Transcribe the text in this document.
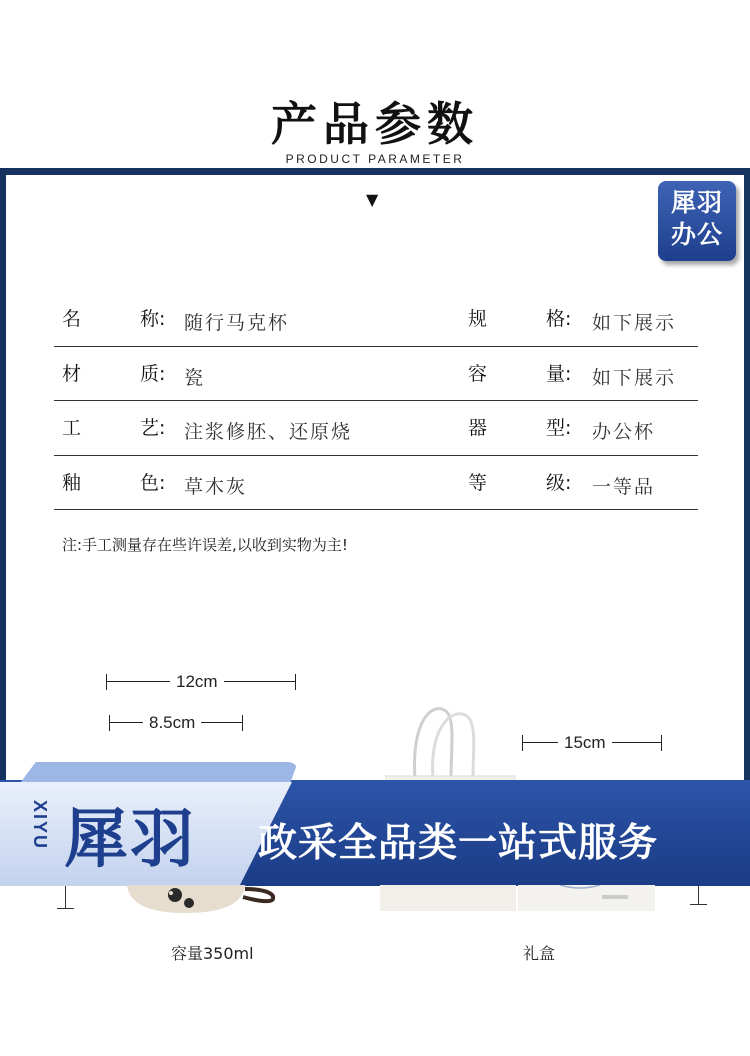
产品参数
PRODUCT PARAMETER
▼	犀羽
办公
名	称: 随行马克杯	规	格: 如下展示
材	质: 瓷	容	量: 如下展示
工	艺: 注浆修胚、还原烧	器	型: 办公杯
釉	色: 草木灰	等	级: 一等品
注:手工测量存在些许误差,以收到实物为主!
12cm
8.5cm
15cm
XIYU 犀羽 政采全品类一站式服务
容量350ml	礼盒
